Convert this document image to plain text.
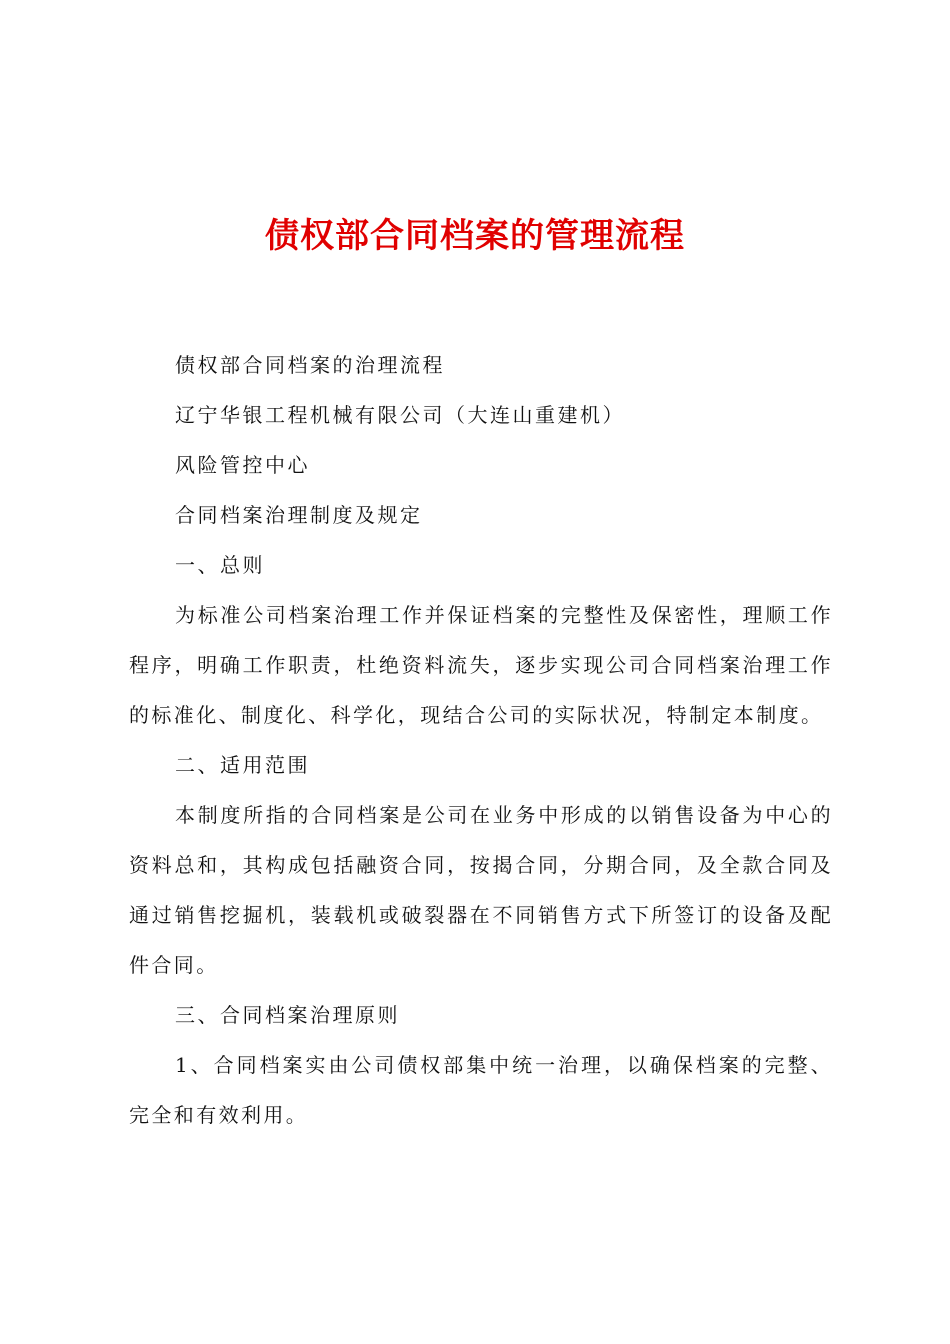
债权部合同档案的管理流程

债权部合同档案的治理流程

辽宁华银工程机械有限公司（大连山重建机）

风险管控中心

合同档案治理制度及规定

一、总则

为标准公司档案治理工作并保证档案的完整性及保密性，理顺工作程序，明确工作职责，杜绝资料流失，逐步实现公司合同档案治理工作的标准化、制度化、科学化，现结合公司的实际状况，特制定本制度。

二、适用范围

本制度所指的合同档案是公司在业务中形成的以销售设备为中心的资料总和，其构成包括融资合同，按揭合同，分期合同，及全款合同及通过销售挖掘机，装载机或破裂器在不同销售方式下所签订的设备及配件合同。

三、合同档案治理原则

1、合同档案实由公司债权部集中统一治理，以确保档案的完整、完全和有效利用。
